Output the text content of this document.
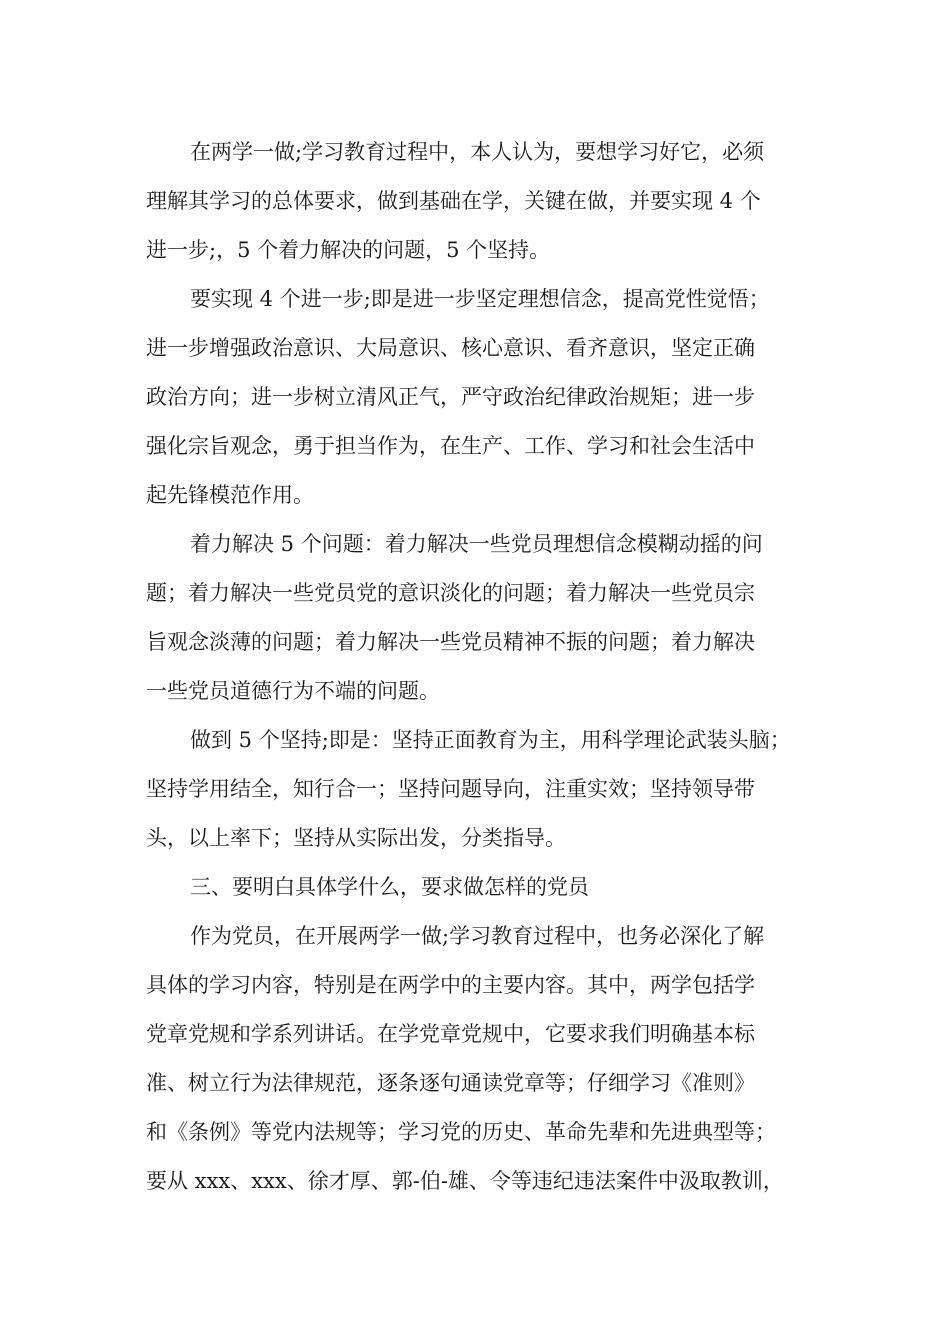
在两学一做;学习教育过程中，本人认为，要想学习好它，必须
理解其学习的总体要求，做到基础在学，关键在做，并要实现 4 个
进一步;，5 个着力解决的问题，5 个坚持。
要实现 4 个进一步;即是进一步坚定理想信念，提高党性觉悟；
进一步增强政治意识、大局意识、核心意识、看齐意识，坚定正确
政治方向；进一步树立清风正气，严守政治纪律政治规矩；进一步
强化宗旨观念，勇于担当作为，在生产、工作、学习和社会生活中
起先锋模范作用。
着力解决 5 个问题：着力解决一些党员理想信念模糊动摇的问
题；着力解决一些党员党的意识淡化的问题；着力解决一些党员宗
旨观念淡薄的问题；着力解决一些党员精神不振的问题；着力解决
一些党员道德行为不端的问题。
做到 5 个坚持;即是：坚持正面教育为主，用科学理论武装头脑；
坚持学用结全，知行合一；坚持问题导向，注重实效；坚持领导带
头，以上率下；坚持从实际出发，分类指导。
三、要明白具体学什么，要求做怎样的党员
作为党员，在开展两学一做;学习教育过程中，也务必深化了解
具体的学习内容，特别是在两学中的主要内容。其中，两学包括学
党章党规和学系列讲话。在学党章党规中，它要求我们明确基本标
准、树立行为法律规范，逐条逐句通读党章等；仔细学习《准则》
和《条例》等党内法规等；学习党的历史、革命先辈和先进典型等；
要从 xxx、xxx、徐才厚、郭-伯-雄、令等违纪违法案件中汲取教训，
